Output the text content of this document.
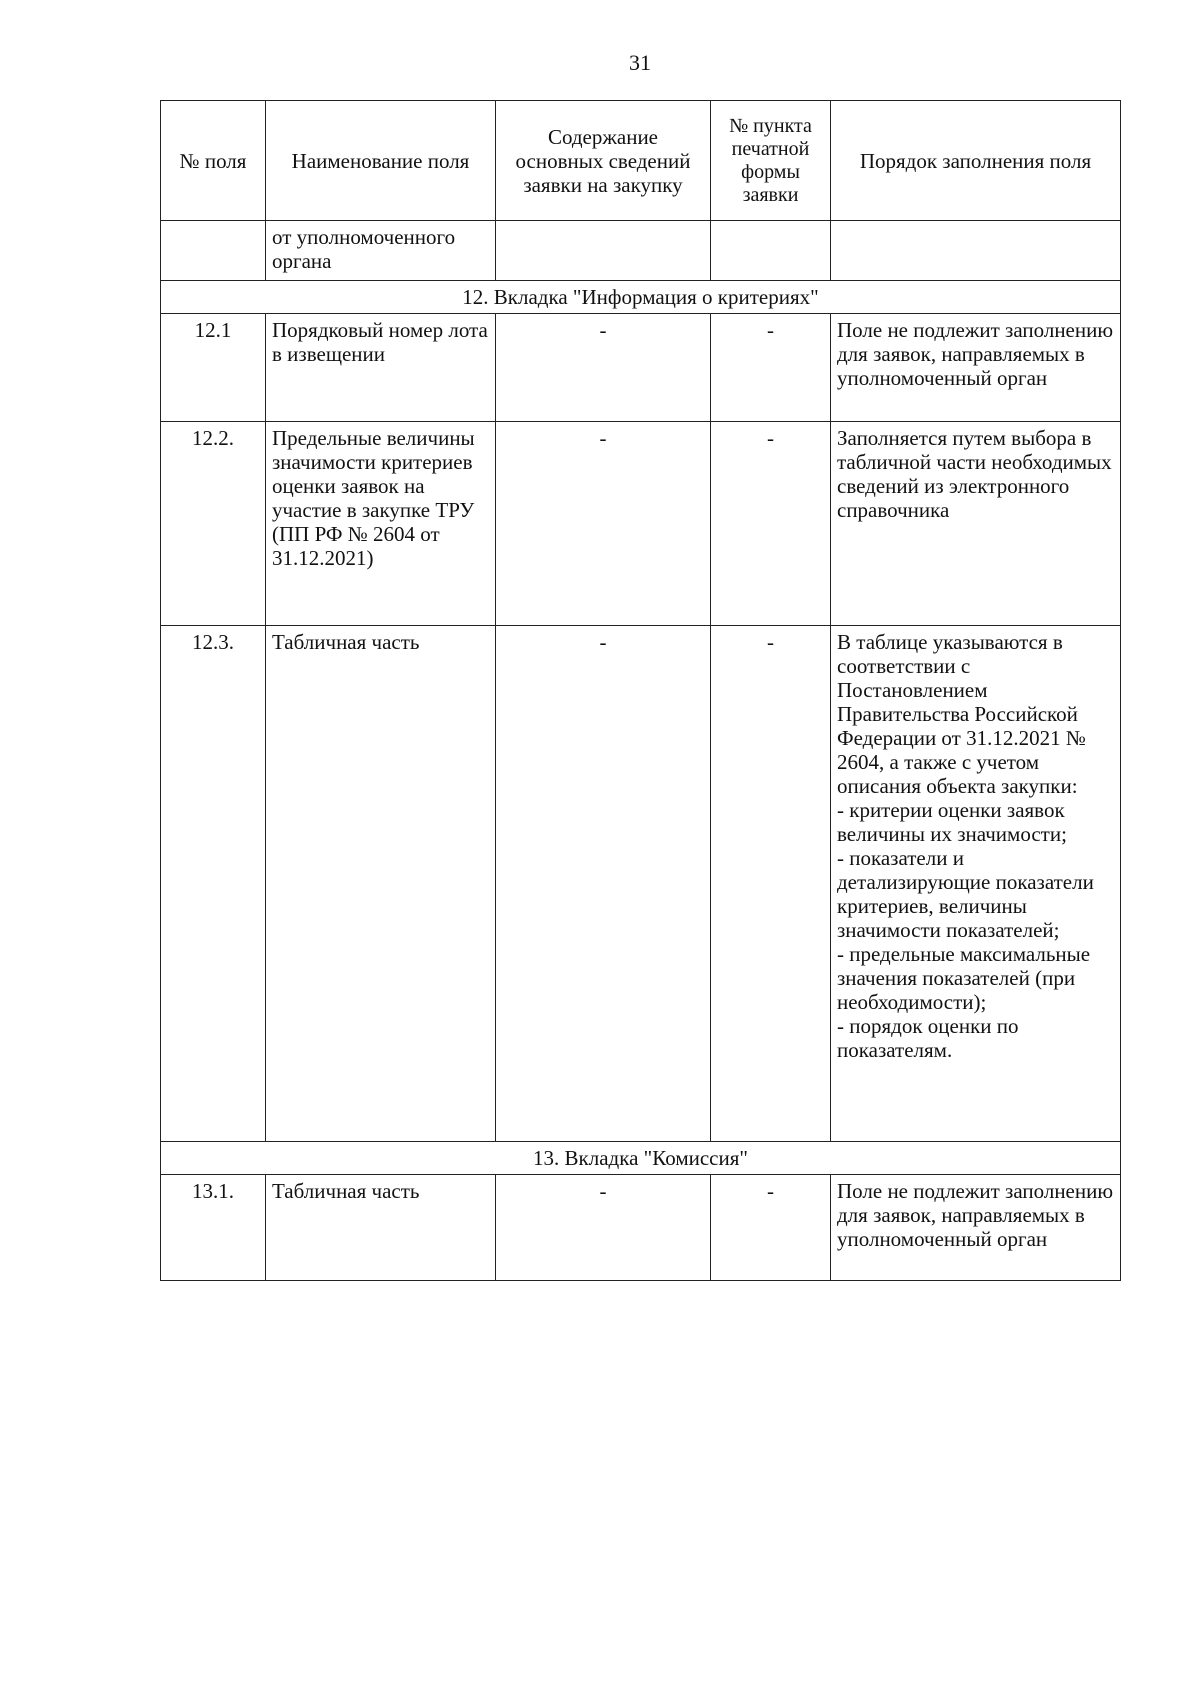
31
№ поля	Наименование поля	Содержание основных сведений заявки на закупку	№ пункта печатной формы заявки	Порядок заполнения поля
	от уполномоченного органа			
12. Вкладка "Информация о критериях"				
12.1	Порядковый номер лота в извещении	-	-	Поле не подлежит заполнению для заявок, направляемых в уполномоченный орган
12.2.	Предельные величины значимости критериев оценки заявок на участие в закупке ТРУ (ПП РФ № 2604 от 31.12.2021)	-	-	Заполняется путем выбора в табличной части необходимых сведений из электронного справочника
12.3.	Табличная часть	-	-	В таблице указываются в соответствии с Постановлением Правительства Российской Федерации от 31.12.2021 № 2604, а также с учетом описания объекта закупки:
- критерии оценки заявок величины их значимости;
- показатели и детализирующие показатели критериев, величины значимости показателей;
- предельные максимальные значения показателей (при необходимости);
- порядок оценки по показателям.

13. Вкладка "Комиссия"				
13.1.	Табличная часть	-	-	Поле не подлежит заполнению для заявок, направляемых в уполномоченный орган
